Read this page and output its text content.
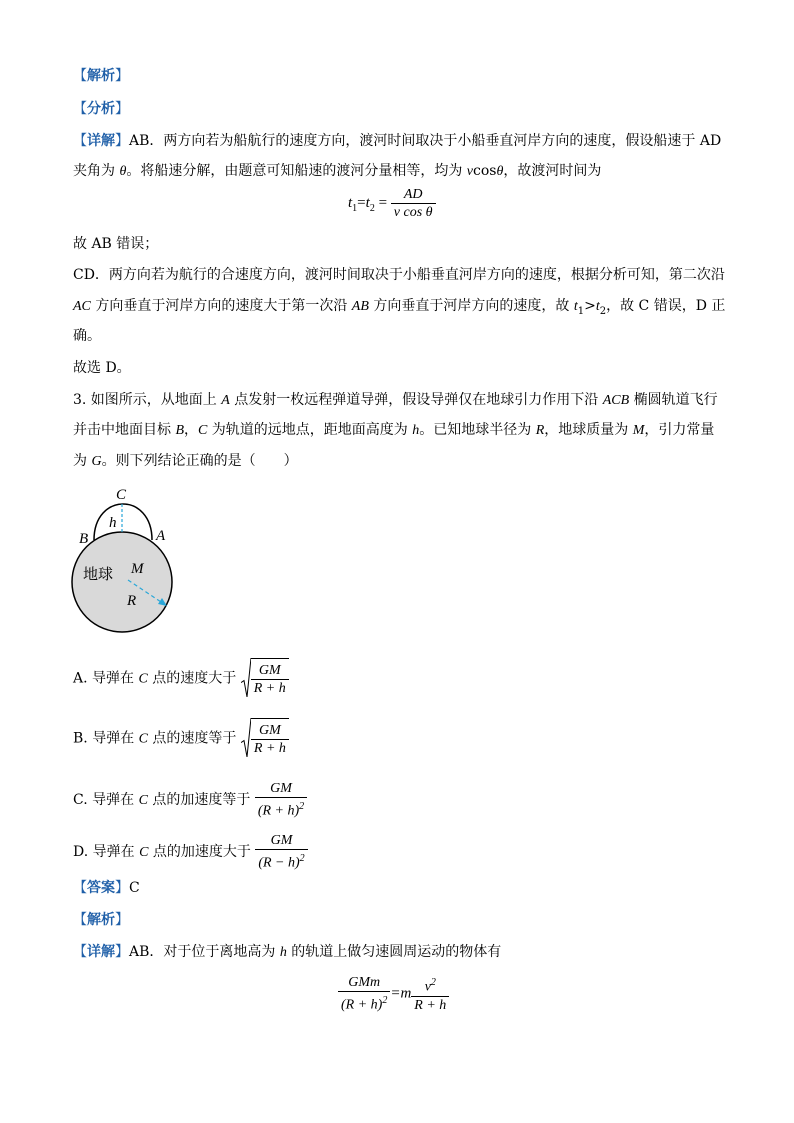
【解析】
【分析】
【详解】AB．两方向若为船航行的速度方向，渡河时间取决于小船垂直河岸方向的速度，假设船速于 AD
夹角为 θ。将船速分解，由题意可知船速的渡河分量相等，均为 vcosθ，故渡河时间为
$t_1=t_2 = \frac{AD}{\text{v cos θ}}$
故 AB 错误；
CD．两方向若为航行的合速度方向，渡河时间取决于小船垂直河岸方向的速度，根据分析可知，第二次沿
AC 方向垂直于河岸方向的速度大于第一次沿 AB 方向垂直于河岸方向的速度，故 $t_1>t_2$，故 C 错误，D 正
确。
故选 D。
3. 如图所示，从地面上 A 点发射一枚远程弹道导弹，假设导弹仅在地球引力作用下沿 ACB 椭圆轨道飞行
并击中地面目标 B，C 为轨道的远地点，距地面高度为 h。已知地球半径为 R，地球质量为 M，引力常量
为 G。则下列结论正确的是（　　）
C
h
B	A
地球 M
R
A. 导弹在 C 点的速度大于 $\frac{GM}{R + h}$
B. 导弹在 C 点的速度等于 $\frac{GM}{R + h}$
C. 导弹在 C 点的加速度等于 $\frac{GM}{(R + h)^2}$
D. 导弹在 C 点的加速度大于 $\frac{GM}{(R - h)^2}$
【答案】C
【解析】
【详解】AB．对于位于离地高为 h 的轨道上做匀速圆周运动的物体有
$\frac{\text{GMm}}{(R + h)^2} =m \frac{v^2}{R + h}$
